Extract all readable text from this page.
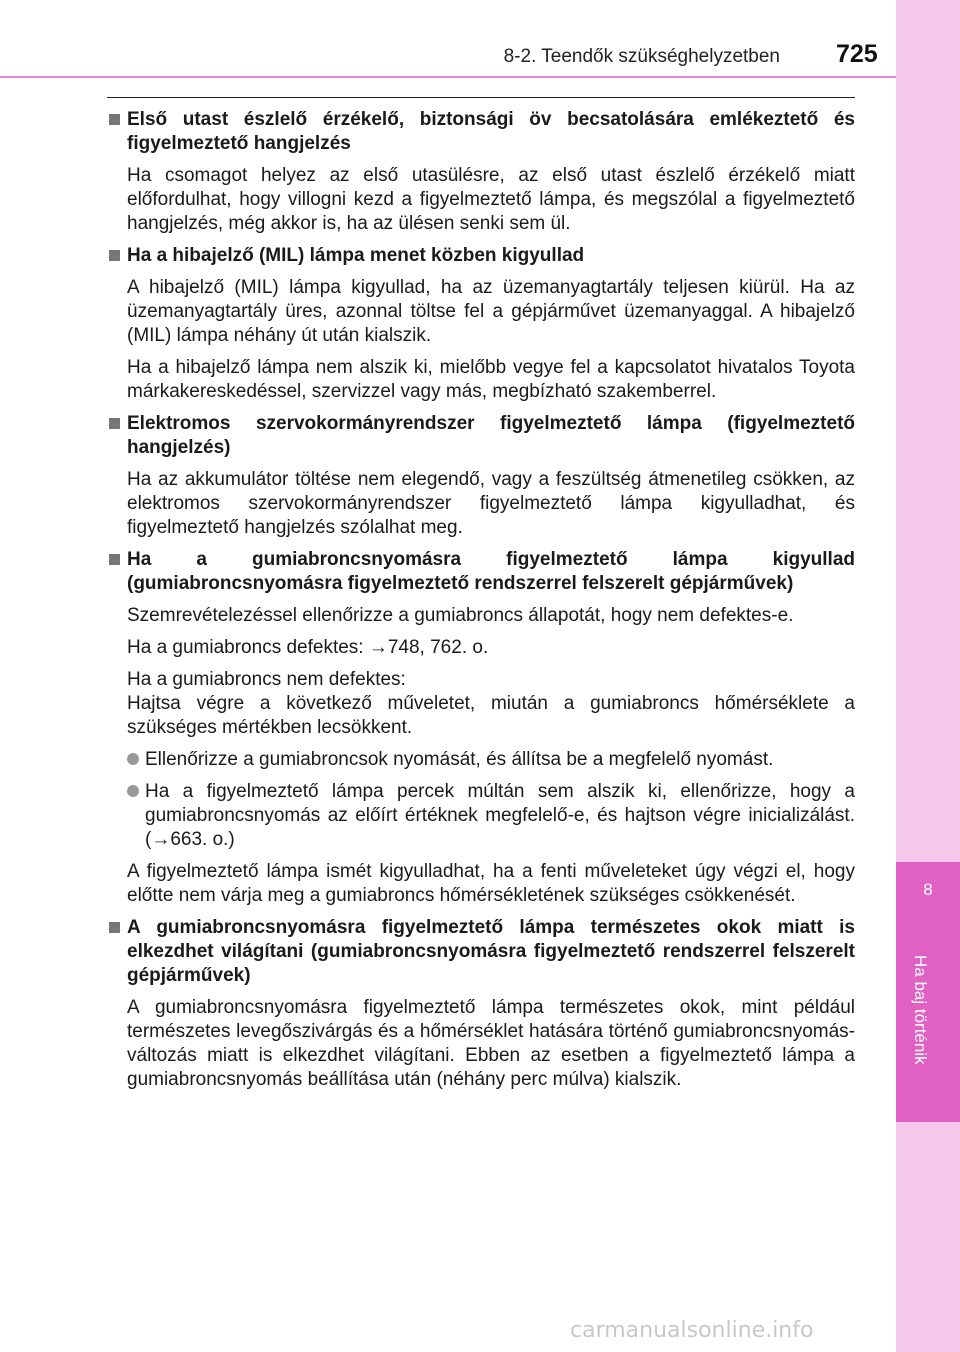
8-2. Teendők szükséghelyzetben 725
8
Ha baj történik
Első utast észlelő érzékelő, biztonsági öv becsatolására emlékeztető és figyelmeztető hangjelzés
Ha csomagot helyez az első utasülésre, az első utast észlelő érzékelő miatt előfordulhat, hogy villogni kezd a figyelmeztető lámpa, és megszólal a figyelmeztető hangjelzés, még akkor is, ha az ülésen senki sem ül.
Ha a hibajelző (MIL) lámpa menet közben kigyullad
A hibajelző (MIL) lámpa kigyullad, ha az üzemanyagtartály teljesen kiürül. Ha az üzemanyagtartály üres, azonnal töltse fel a gépjárművet üzemanyaggal. A hibajelző (MIL) lámpa néhány út után kialszik.
Ha a hibajelző lámpa nem alszik ki, mielőbb vegye fel a kapcsolatot hivatalos Toyota márkakereskedéssel, szervizzel vagy más, megbízható szakemberrel.
Elektromos szervokormányrendszer figyelmeztető lámpa (figyelmeztető hangjelzés)
Ha az akkumulátor töltése nem elegendő, vagy a feszültség átmenetileg csökken, az elektromos szervokormányrendszer figyelmeztető lámpa kigyulladhat, és figyelmeztető hangjelzés szólalhat meg.
Ha a gumiabroncsnyomásra figyelmeztető lámpa kigyullad (gumiabroncsnyomásra figyelmeztető rendszerrel felszerelt gépjárművek)
Szemrevételezéssel ellenőrizze a gumiabroncs állapotát, hogy nem defektes-e.
Ha a gumiabroncs defektes: →748, 762. o.
Ha a gumiabroncs nem defektes:
Hajtsa végre a következő műveletet, miután a gumiabroncs hőmérséklete a szükséges mértékben lecsökkent.
Ellenőrizze a gumiabroncsok nyomását, és állítsa be a megfelelő nyomást.
Ha a figyelmeztető lámpa percek múltán sem alszik ki, ellenőrizze, hogy a gumiabroncsnyomás az előírt értéknek megfelelő-e, és hajtson végre inicializálást. (→663. o.)
A figyelmeztető lámpa ismét kigyulladhat, ha a fenti műveleteket úgy végzi el, hogy előtte nem várja meg a gumiabroncs hőmérsékletének szükséges csökkenését.
A gumiabroncsnyomásra figyelmeztető lámpa természetes okok miatt is elkezdhet világítani (gumiabroncsnyomásra figyelmeztető rendszerrel felszerelt gépjárművek)
A gumiabroncsnyomásra figyelmeztető lámpa természetes okok, mint például természetes levegőszivárgás és a hőmérséklet hatására történő gumiabroncsnyomás-változás miatt is elkezdhet világítani. Ebben az esetben a figyelmeztető lámpa a gumiabroncsnyomás beállítása után (néhány perc múlva) kialszik.
carmanualsonline.info
